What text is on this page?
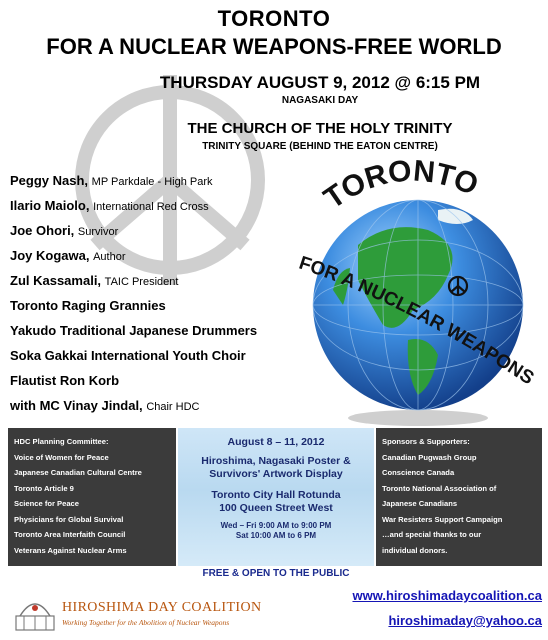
TORONTO
FOR A NUCLEAR WEAPONS-FREE WORLD
THURSDAY AUGUST 9, 2012 @ 6:15 PM
NAGASAKI DAY
THE CHURCH OF THE HOLY TRINITY
TRINITY SQUARE (BEHIND THE EATON CENTRE)
Peggy Nash, MP Parkdale - High Park
Ilario Maiolo, International Red Cross
Joe Ohori, Survivor
Joy Kogawa, Author
Zul Kassamali, TAIC President
Toronto Raging Grannies
Yakudo Traditional Japanese Drummers
Soka Gakkai International Youth Choir
Flautist Ron Korb
with MC Vinay Jindal, Chair HDC
TORONTO
FOR A NUCLEAR WEAPONS
HDC Planning Committee:
Voice of Women for Peace
Japanese Canadian Cultural Centre
Toronto Article 9
Science for Peace
Physicians for Global Survival
Toronto Area Interfaith Council
Veterans Against Nuclear Arms
August 8 – 11, 2012
Hiroshima, Nagasaki Poster &
Survivors' Artwork Display
Toronto City Hall Rotunda
100 Queen Street West
Wed – Fri 9:00 AM to 9:00 PM
Sat 10:00 AM to 6 PM
Sponsors & Supporters:
Canadian Pugwash Group
Conscience Canada
Toronto National Association of
Japanese Canadians
War Resisters Support Campaign
…and special thanks to our
individual donors.
FREE & OPEN TO THE PUBLIC
HIROSHIMA DAY COALITION
Working Together for the Abolition of Nuclear Weapons
www.hiroshimadaycoalition.ca
hiroshimaday@yahoo.ca
